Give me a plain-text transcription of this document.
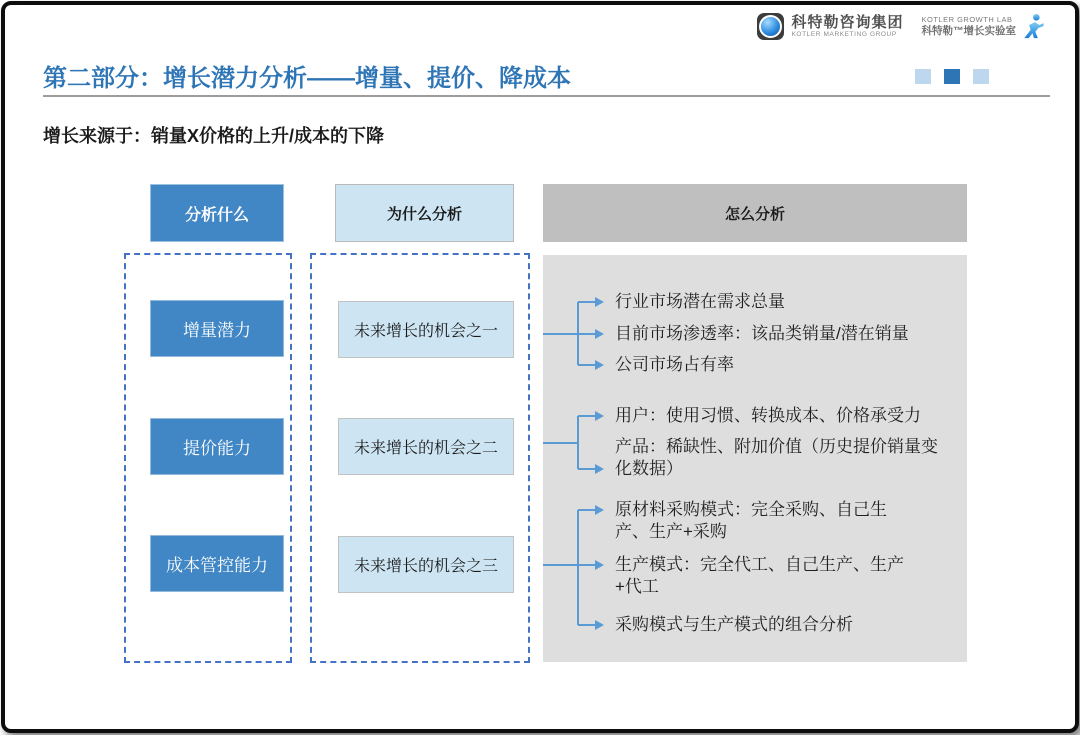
科特勒咨询集团
KOTLER MARKETING GROUP
KOTLER GROWTH LAB
科特勒™增长实验室
第二部分：增长潜力分析——增量、提价、降成本
增长来源于：销量X价格的上升/成本的下降
分析什么	为什么分析	怎么分析
增量潜力
提价能力
成本管控能力
未来增长的机会之一
未来增长的机会之二
未来增长的机会之三
行业市场潜在需求总量
目前市场渗透率：该品类销量/潜在销量
公司市场占有率
用户：使用习惯、转换成本、价格承受力
产品：稀缺性、附加价值（历史提价销量变化数据）
原材料采购模式：完全采购、自己生产、生产+采购
生产模式：完全代工、自己生产、生产+代工
采购模式与生产模式的组合分析
